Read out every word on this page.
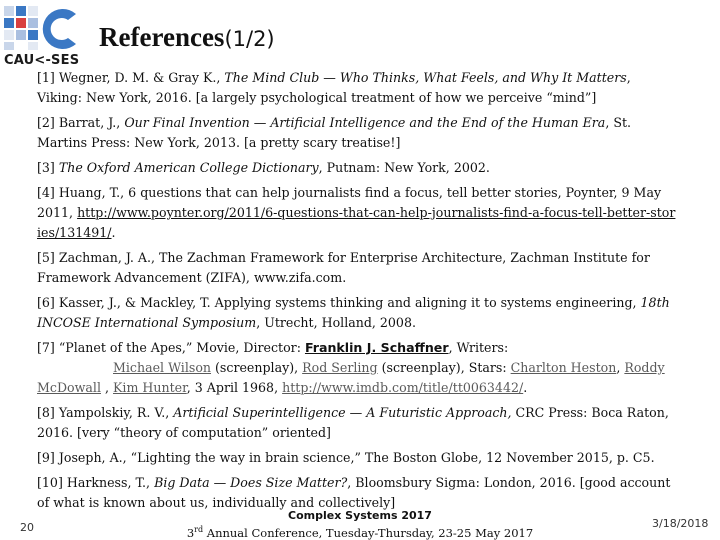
CAU<-SES
References(1/2)
[1] Wegner, D. M. & Gray K., The Mind Club — Who Thinks, What Feels, and Why It Matters, Viking: New York, 2016. [a largely psychological treatment of how we perceive “mind”]
[2] Barrat, J., Our Final Invention — Artificial Intelligence and the End of the Human Era, St. Martins Press: New York, 2013. [a pretty scary treatise!]
[3] The Oxford American College Dictionary, Putnam: New York, 2002.
[4] Huang, T., 6 questions that can help journalists find a focus, tell better stories, Poynter, 9 May 2011, http://www.poynter.org/2011/6-questions-that-can-help-journalists-find-a-focus-tell-better-stories/131491/.
[5] Zachman, J. A., The Zachman Framework for Enterprise Architecture, Zachman Institute for Framework Advancement (ZIFA), www.zifa.com.
[6] Kasser, J., & Mackley, T. Applying systems thinking and aligning it to systems engineering, 18th INCOSE International Symposium, Utrecht, Holland, 2008.
[7] “Planet of the Apes,” Movie, Director: Franklin J. Schaffner, Writers:
Michael Wilson (screenplay), Rod Serling (screenplay), Stars: Charlton Heston, Roddy McDowall , Kim Hunter, 3 April 1968, http://www.imdb.com/title/tt0063442/.
[8] Yampolskiy, R. V., Artificial Superintelligence — A Futuristic Approach, CRC Press: Boca Raton, 2016. [very “theory of computation” oriented]
[9] Joseph, A., “Lighting the way in brain science,” The Boston Globe, 12 November 2015, p. C5.
[10] Harkness, T., Big Data — Does Size Matter?, Bloomsbury Sigma: London, 2016. [good account of what is known about us, individually and collectively]
20
Complex Systems 2017
3rd Annual Conference, Tuesday-Thursday, 23-25 May 2017
3/18/2018
